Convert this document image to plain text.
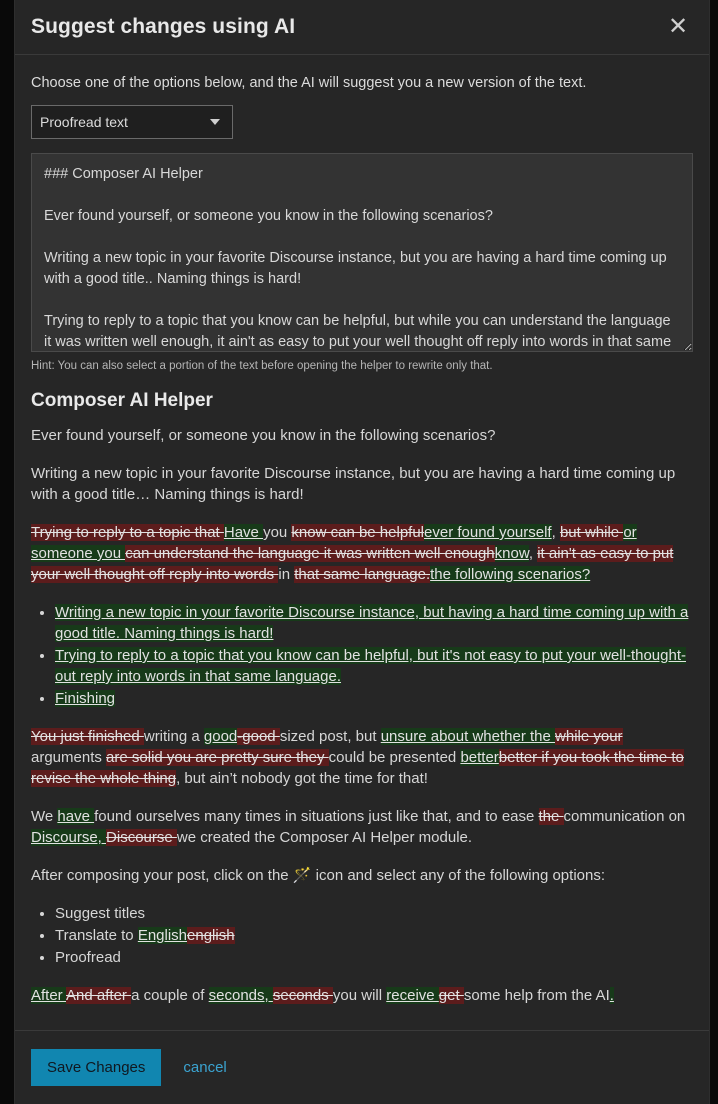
Suggest changes using AI	✕

Choose one of the options below, and the AI will suggest you a new version of the text.

Proofread text
### Composer AI Helper Ever found yourself, or someone you know in the following scenarios? Writing a new topic in your favorite Discourse instance, but you are having a hard time coming up with a good title.. Naming things is hard! Trying to reply to a topic that you know can be helpful, but while you can understand the language it was written well enough, it ain't as easy to put your well thought off reply into words in that same

Hint: You can also select a portion of the text before opening the helper to rewrite only that.

Composer AI Helper

Ever found yourself, or someone you know in the following scenarios?

Writing a new topic in your favorite Discourse instance, but you are having a hard time coming up with a good title… Naming things is hard!

Trying to reply to a topic that Have you know can be helpfulever found yourself, but while or someone you can understand the language it was written well enoughknow, it ain't as easy to put your well thought off reply into words in that same language.the following scenarios?

• Writing a new topic in your favorite Discourse instance, but having a hard time coming up with a good title. Naming things is hard!
• Trying to reply to a topic that you know can be helpful, but it's not easy to put your well-thought-out reply into words in that same language.
• Finishing

You just finished writing a good-good sized post, but unsure about whether the while your arguments are solid you are pretty sure they could be presented betterbetter if you took the time to revise the whole thing, but ain’t nobody got the time for that!

We have found ourselves many times in situations just like that, and to ease the communication on Discourse, Discourse we created the Composer AI Helper module.

After composing your post, click on the 🪄 icon and select any of the following options:

• Suggest titles
• Translate to Englishenglish
• Proofread

After And after a couple of seconds, seconds you will receive get some help from the AI.

Save Changes	cancel
